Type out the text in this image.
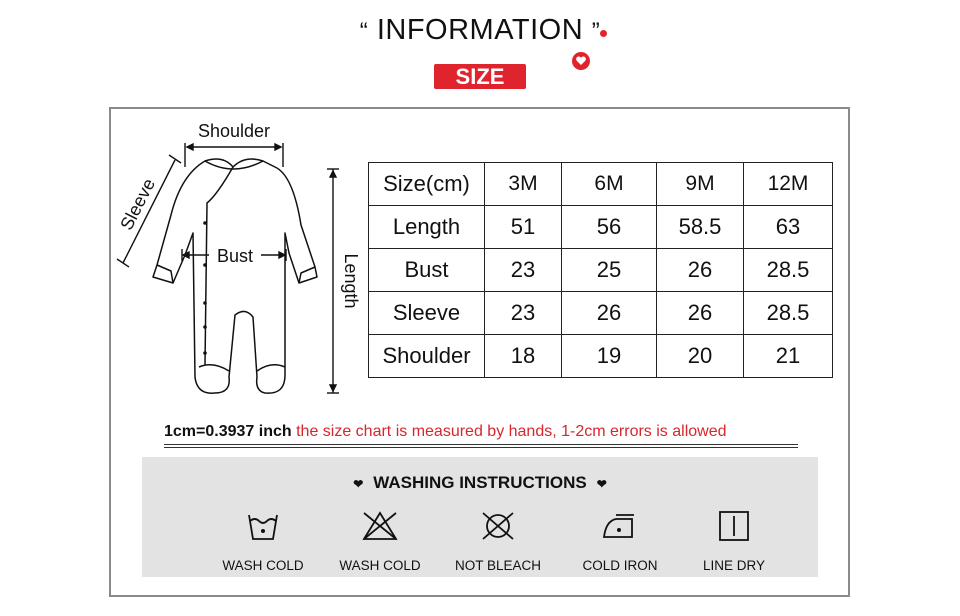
“ INFORMATION ”
SIZE
Shoulder
Sleeve
Bust	Length
Size(cm)	3M	6M	9M	12M
Length	51	56	58.5	63
Bust	23	25	26	28.5
Sleeve	23	26	26	28.5
Shoulder	18	19	20	21
1cm=0.3937 inch the size chart is measured by hands, 1-2cm errors is allowed
❤ WASHING INSTRUCTIONS ❤
WASH COLD	WASH COLD	NOT BLEACH	COLD IRON	LINE DRY
